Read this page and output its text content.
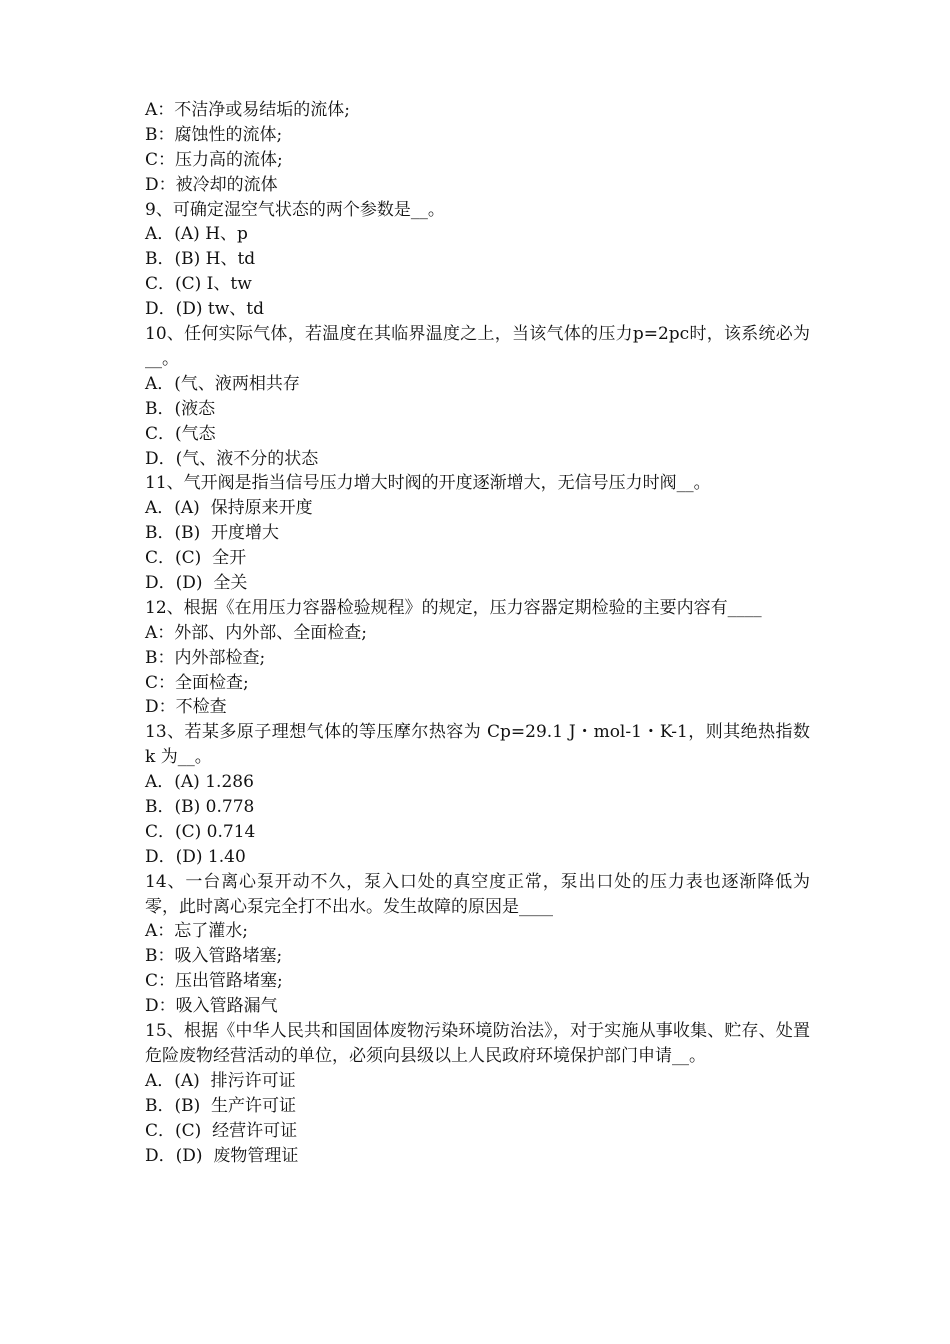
A：不洁净或易结垢的流体;

B：腐蚀性的流体;

C：压力高的流体;

D：被冷却的流体

9、可确定湿空气状态的两个参数是__。

A．(A) H、p

B．(B) H、td

C．(C) I、tw

D．(D) tw、td

10、任何实际气体，若温度在其临界温度之上，当该气体的压力p=2pc时，该系统必为__。

A．(气、液两相共存

B．(液态

C．(气态

D．(气、液不分的状态

11、气开阀是指当信号压力增大时阀的开度逐渐增大，无信号压力时阀__。

A．(A)  保持原来开度

B．(B)  开度增大

C．(C)  全开

D．(D)  全关

12、根据《在用压力容器检验规程》的规定，压力容器定期检验的主要内容有____

A：外部、内外部、全面检查;

B：内外部检查;

C：全面检查;

D：不检查

13、若某多原子理想气体的等压摩尔热容为 Cp=29.1 J・mol-1・K-1，则其绝热指数 k 为__。

A．(A) 1.286

B．(B) 0.778

C．(C) 0.714

D．(D) 1.40

14、一台离心泵开动不久，泵入口处的真空度正常，泵出口处的压力表也逐渐降低为零，此时离心泵完全打不出水。发生故障的原因是____

A：忘了灌水;

B：吸入管路堵塞;

C：压出管路堵塞;

D：吸入管路漏气

15、根据《中华人民共和国固体废物污染环境防治法》，对于实施从事收集、贮存、处置危险废物经营活动的单位，必须向县级以上人民政府环境保护部门申请__。

A．(A)  排污许可证

B．(B)  生产许可证

C．(C)  经营许可证

D．(D)  废物管理证
